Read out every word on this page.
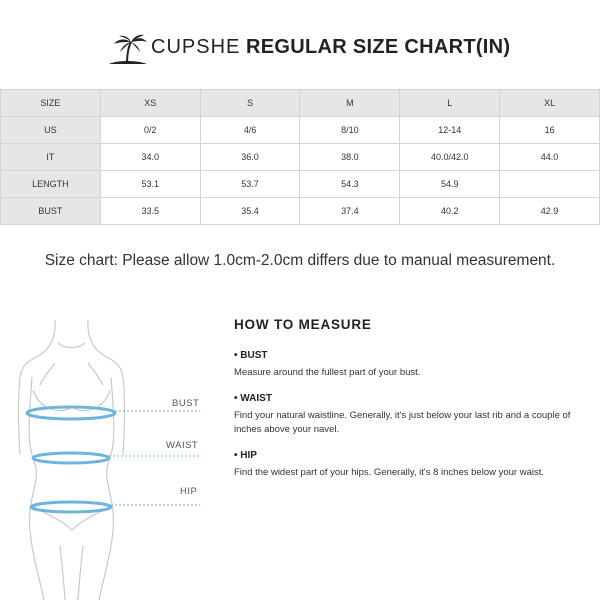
CUPSHE REGULAR SIZE CHART(IN)
SIZE	XS	S	M	L	XL
US	0/2	4/6	8/10	12-14	16
IT	34.0	36.0	38.0	40.0/42.0	44.0
LENGTH	53.1	53.7	54.3	54.9	
BUST	33.5	35.4	37.4	40.2	42.9
Size chart: Please allow 1.0cm-2.0cm differs due to manual measurement.
BUST
WAIST
HIP
HOW TO MEASURE
• BUST
Measure around the fullest part of your bust.
• WAIST
Find your natural waistline. Generally, it's just below your last rib and a couple of inches above your navel.
• HIP
Find the widest part of your hips. Generally, it's 8 inches below your waist.
